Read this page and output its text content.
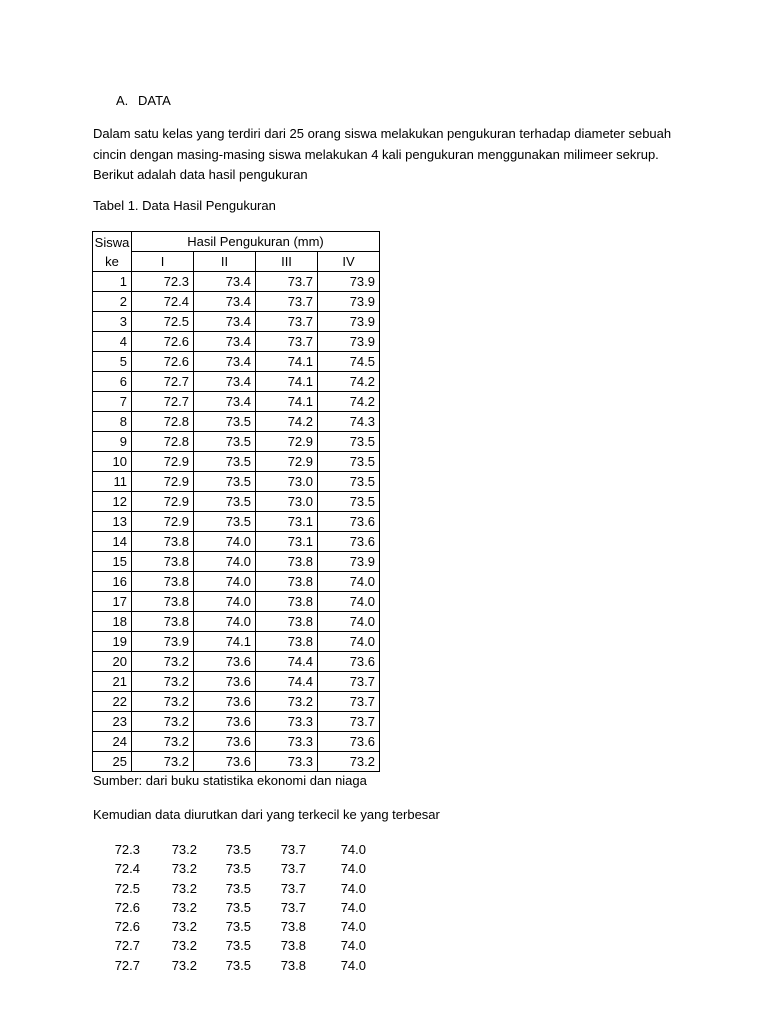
A. DATA

Dalam satu kelas yang terdiri dari 25 orang siswa melakukan pengukuran terhadap diameter sebuah

cincin dengan masing-masing siswa melakukan 4 kali pengukuran menggunakan milimeer sekrup.

Berikut adalah data hasil pengukuran

Tabel 1. Data Hasil Pengukuran
Siswa
ke	Hasil Pengukuran (mm)			
	I	II	III	IV
1	72.3	73.4	73.7	73.9
2	72.4	73.4	73.7	73.9
3	72.5	73.4	73.7	73.9
4	72.6	73.4	73.7	73.9
5	72.6	73.4	74.1	74.5
6	72.7	73.4	74.1	74.2
7	72.7	73.4	74.1	74.2
8	72.8	73.5	74.2	74.3
9	72.8	73.5	72.9	73.5
10	72.9	73.5	72.9	73.5
11	72.9	73.5	73.0	73.5
12	72.9	73.5	73.0	73.5
13	72.9	73.5	73.1	73.6
14	73.8	74.0	73.1	73.6
15	73.8	74.0	73.8	73.9
16	73.8	74.0	73.8	74.0
17	73.8	74.0	73.8	74.0
18	73.8	74.0	73.8	74.0
19	73.9	74.1	73.8	74.0
20	73.2	73.6	74.4	73.6
21	73.2	73.6	74.4	73.7
22	73.2	73.6	73.2	73.7
23	73.2	73.6	73.3	73.7
24	73.2	73.6	73.3	73.6
25	73.2	73.6	73.3	73.2
Sumber: dari buku statistika ekonomi dan niaga
Kemudian data diurutkan dari yang terkecil ke yang terbesar
72.3 73.2 73.5 73.7	74.0
72.4 73.2 73.5 73.7	74.0
72.5 73.2 73.5 73.7	74.0
72.6 73.2 73.5 73.7	74.0
72.6 73.2 73.5 73.8	74.0
72.7 73.2 73.5 73.8	74.0
72.7 73.2 73.5 73.8	74.0
